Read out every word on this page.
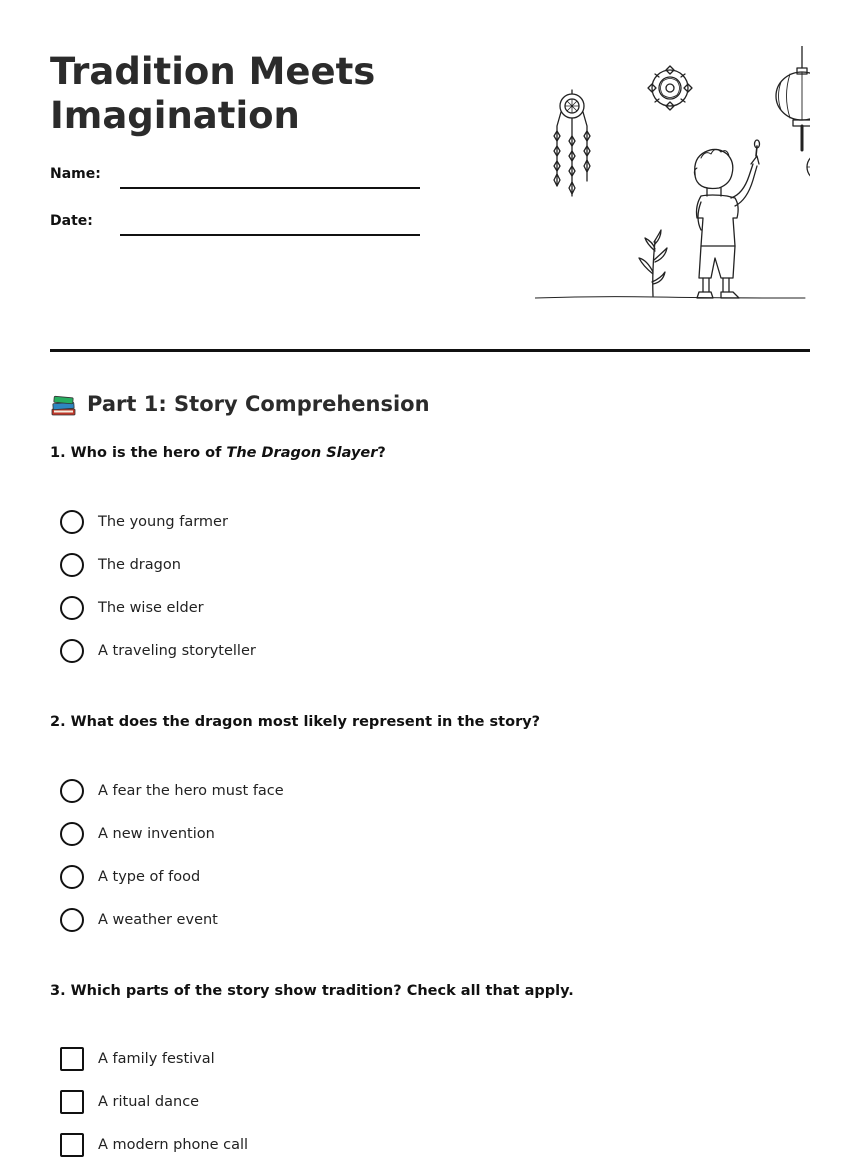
Tradition Meets Imagination
Name:
Date:
Part 1: Story Comprehension
1. Who is the hero of The Dragon Slayer?
The young farmer
The dragon
The wise elder
A traveling storyteller
2. What does the dragon most likely represent in the story?
A fear the hero must face
A new invention
A type of food
A weather event
3. Which parts of the story show tradition? Check all that apply.
A family festival
A ritual dance
A modern phone call
